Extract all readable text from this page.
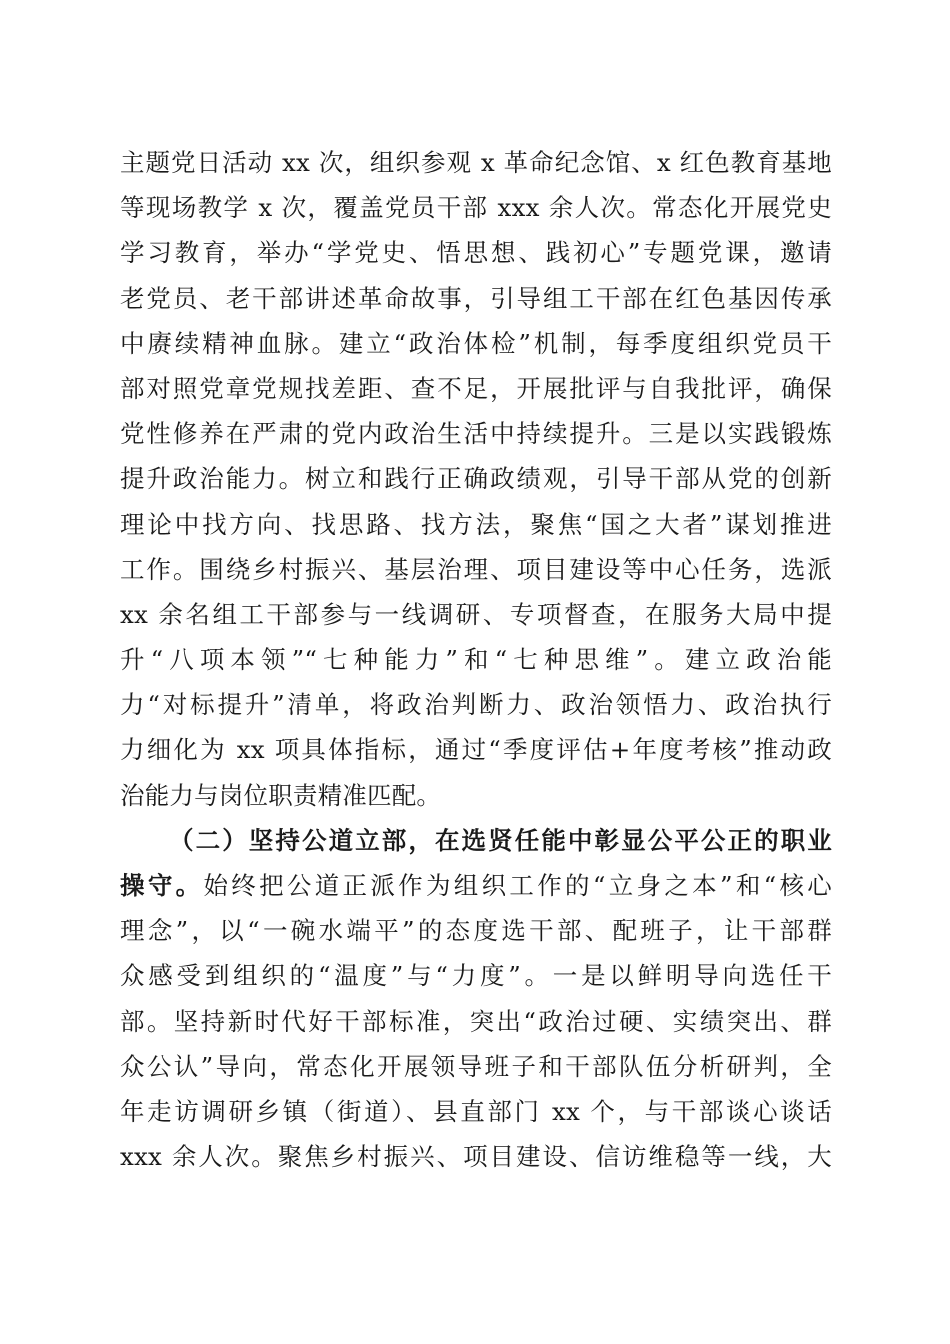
主题党日活动 xx 次，组织参观 x 革命纪念馆、x 红色教育基地
等现场教学 x 次，覆盖党员干部 xxx 余人次。常态化开展党史
学习教育，举办“学党史、悟思想、践初心”专题党课，邀请
老党员、老干部讲述革命故事，引导组工干部在红色基因传承
中赓续精神血脉。建立“政治体检”机制，每季度组织党员干
部对照党章党规找差距、查不足，开展批评与自我批评，确保
党性修养在严肃的党内政治生活中持续提升。三是以实践锻炼
提升政治能力。树立和践行正确政绩观，引导干部从党的创新
理论中找方向、找思路、找方法，聚焦“国之大者”谋划推进
工作。围绕乡村振兴、基层治理、项目建设等中心任务，选派
xx 余名组工干部参与一线调研、专项督查，在服务大局中提
升“八项本领”“七种能力”和“七种思维”。建立政治能
力“对标提升”清单，将政治判断力、政治领悟力、政治执行
力细化为 xx 项具体指标，通过“季度评估+年度考核”推动政
治能力与岗位职责精准匹配。
（二）坚持公道立部，在选贤任能中彰显公平公正的职业
操守。始终把公道正派作为组织工作的“立身之本”和“核心
理念”，以“一碗水端平”的态度选干部、配班子，让干部群
众感受到组织的“温度”与“力度”。一是以鲜明导向选任干
部。坚持新时代好干部标准，突出“政治过硬、实绩突出、群
众公认”导向，常态化开展领导班子和干部队伍分析研判，全
年走访调研乡镇（街道）、县直部门 xx 个，与干部谈心谈话
xxx 余人次。聚焦乡村振兴、项目建设、信访维稳等一线，大
